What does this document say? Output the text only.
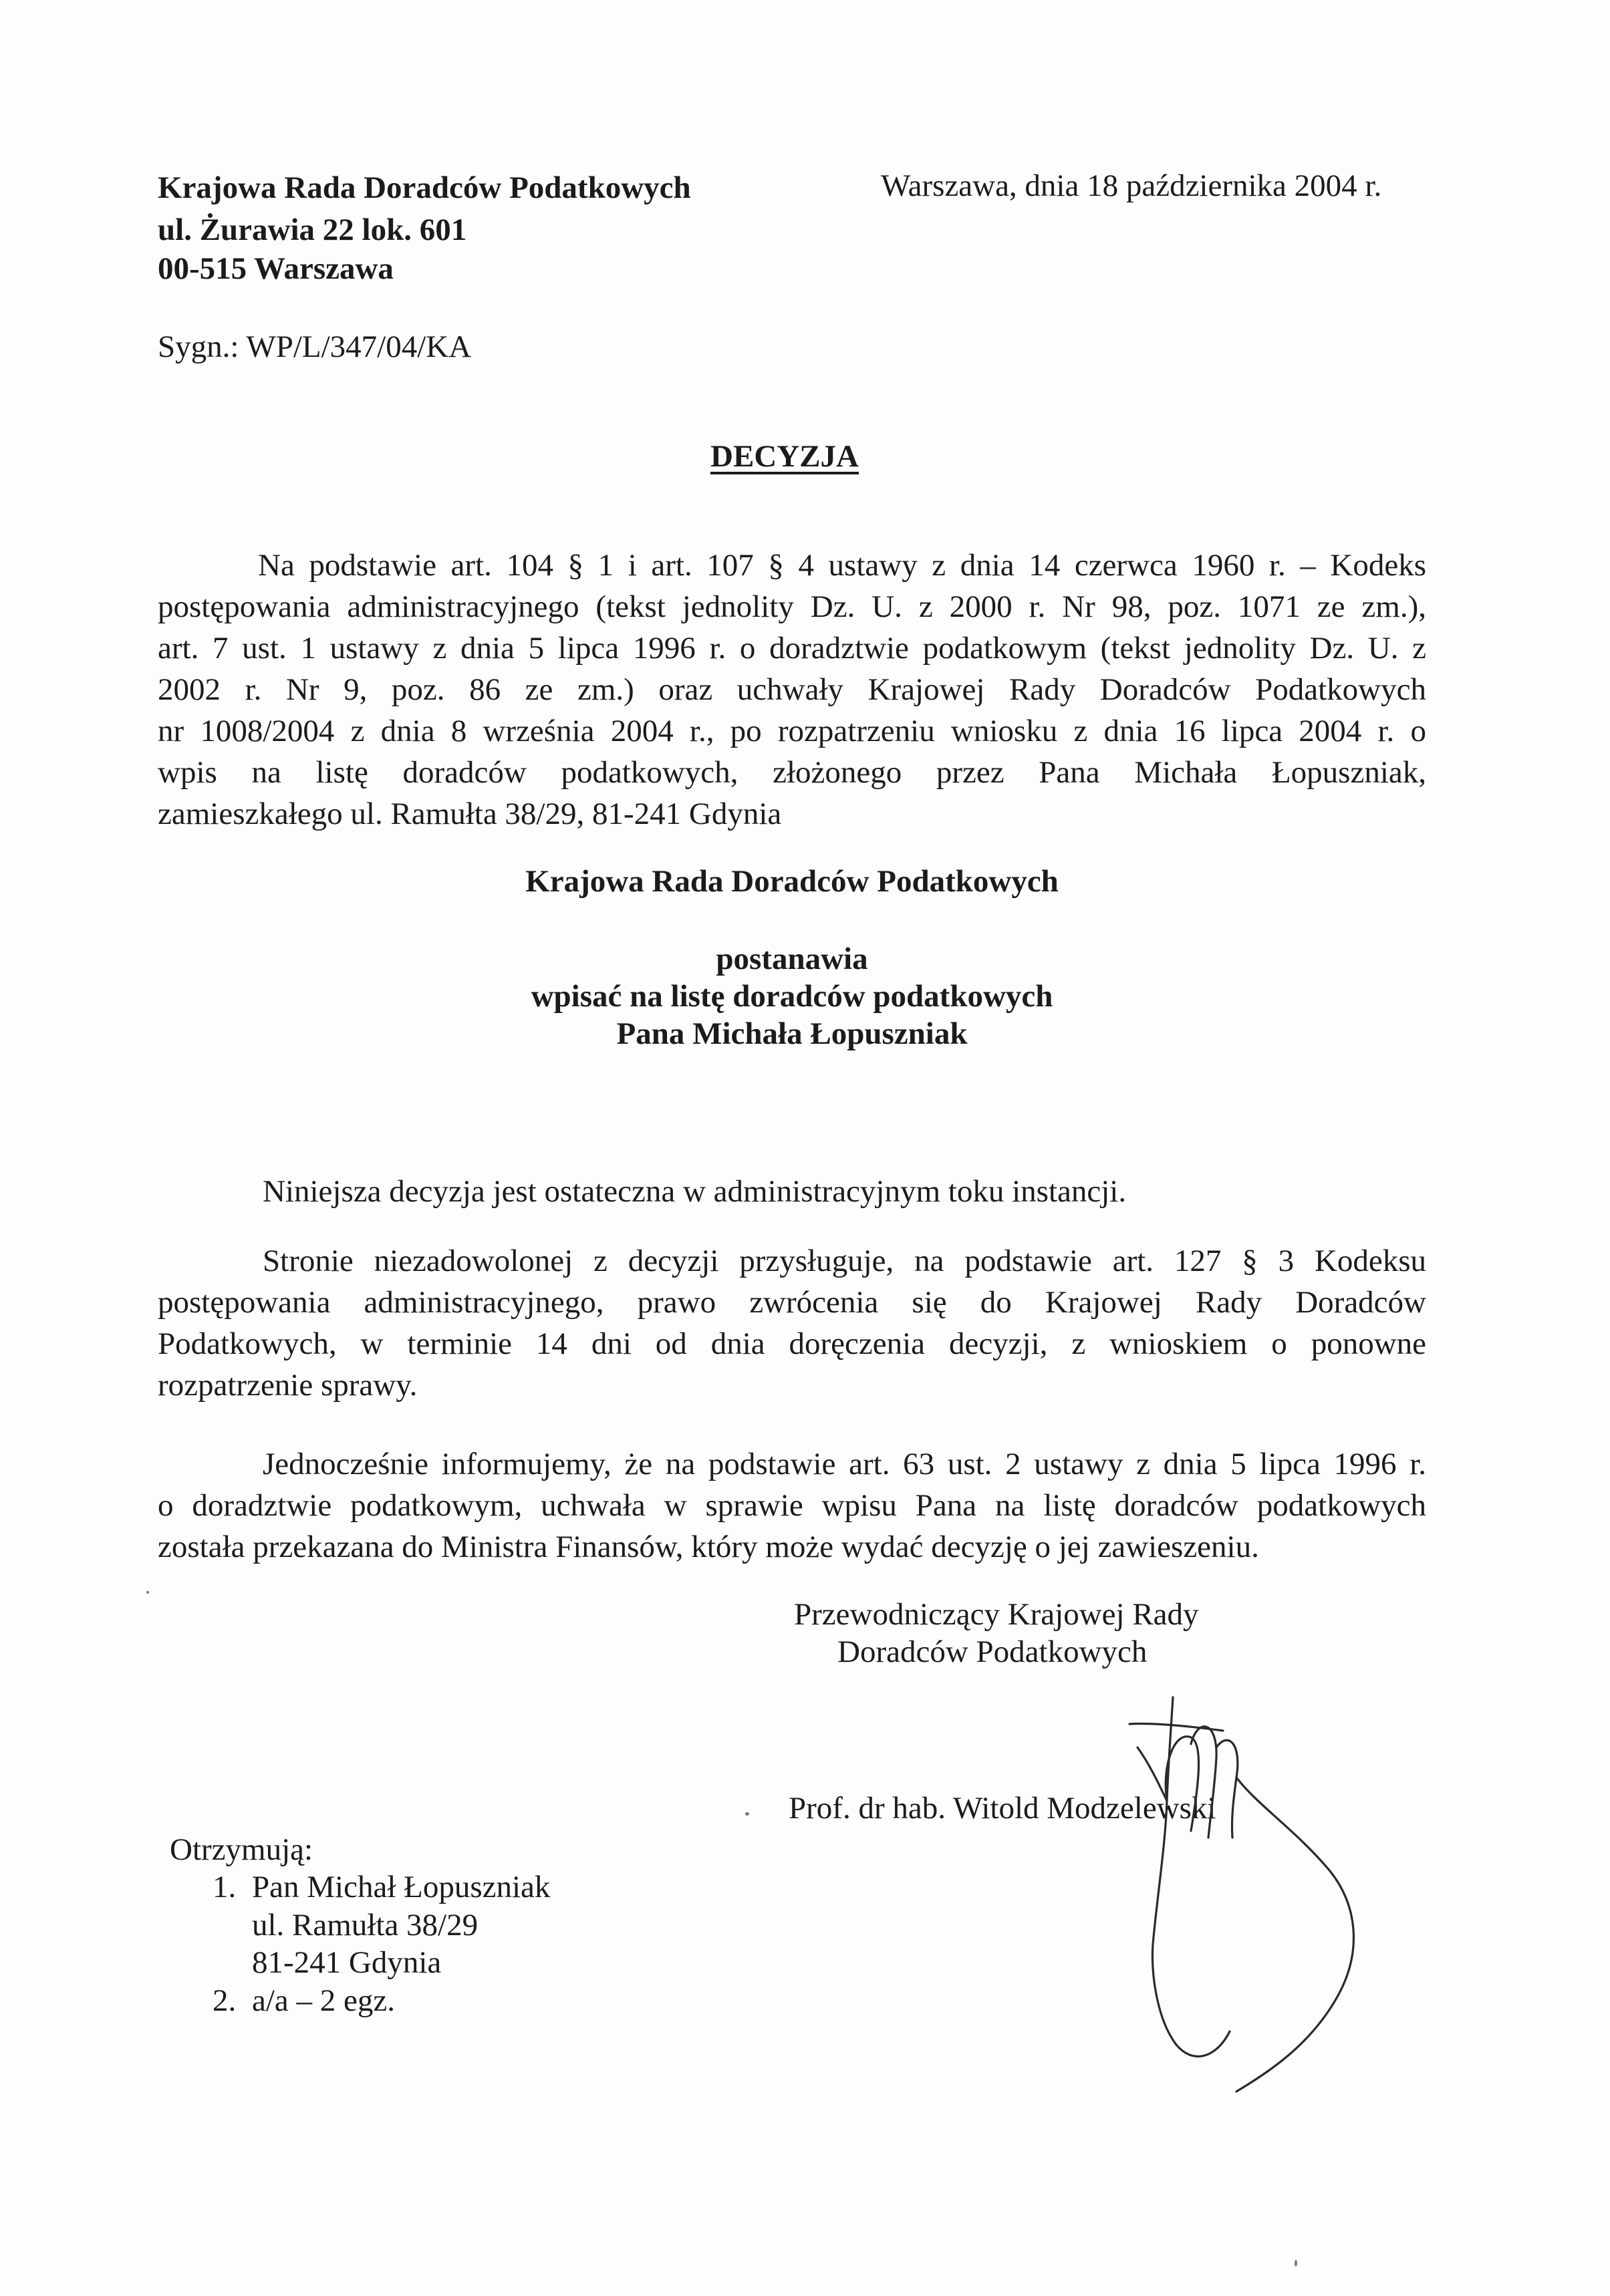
Krajowa Rada Doradców Podatkowych
ul. Żurawia 22 lok. 601
00-515 Warszawa
Warszawa, dnia 18 października 2004 r.
Sygn.: WP/L/347/04/KA
DECYZJA
Na podstawie art. 104 § 1 i art. 107 § 4 ustawy z dnia 14 czerwca 1960 r. – Kodeks
postępowania administracyjnego (tekst jednolity Dz. U. z 2000 r. Nr 98, poz. 1071 ze zm.),
art. 7 ust. 1 ustawy z dnia 5 lipca 1996 r. o doradztwie podatkowym (tekst jednolity Dz. U. z
2002 r. Nr 9, poz. 86 ze zm.) oraz uchwały Krajowej Rady Doradców Podatkowych
nr 1008/2004 z dnia 8 września 2004 r., po rozpatrzeniu wniosku z dnia 16 lipca 2004 r. o
wpis na listę doradców podatkowych, złożonego przez Pana Michała Łopuszniak,
zamieszkałego ul. Ramułta 38/29, 81-241 Gdynia
Krajowa Rada Doradców Podatkowych
postanawia
wpisać na listę doradców podatkowych
Pana Michała Łopuszniak
Niniejsza decyzja jest ostateczna w administracyjnym toku instancji.
Stronie niezadowolonej z decyzji przysługuje, na podstawie art. 127 § 3 Kodeksu
postępowania administracyjnego, prawo zwrócenia się do Krajowej Rady Doradców
Podatkowych, w terminie 14 dni od dnia doręczenia decyzji, z wnioskiem o ponowne
rozpatrzenie sprawy.
Jednocześnie informujemy, że na podstawie art. 63 ust. 2 ustawy z dnia 5 lipca 1996 r.
o doradztwie podatkowym, uchwała w sprawie wpisu Pana na listę doradców podatkowych
została przekazana do Ministra Finansów, który może wydać decyzję o jej zawieszeniu.
Przewodniczący Krajowej Rady
Doradców Podatkowych
Prof. dr hab. Witold Modzelewski
Otrzymują:
1. Pan Michał Łopuszniak
ul. Ramułta 38/29
81-241 Gdynia
2. a/a – 2 egz.
